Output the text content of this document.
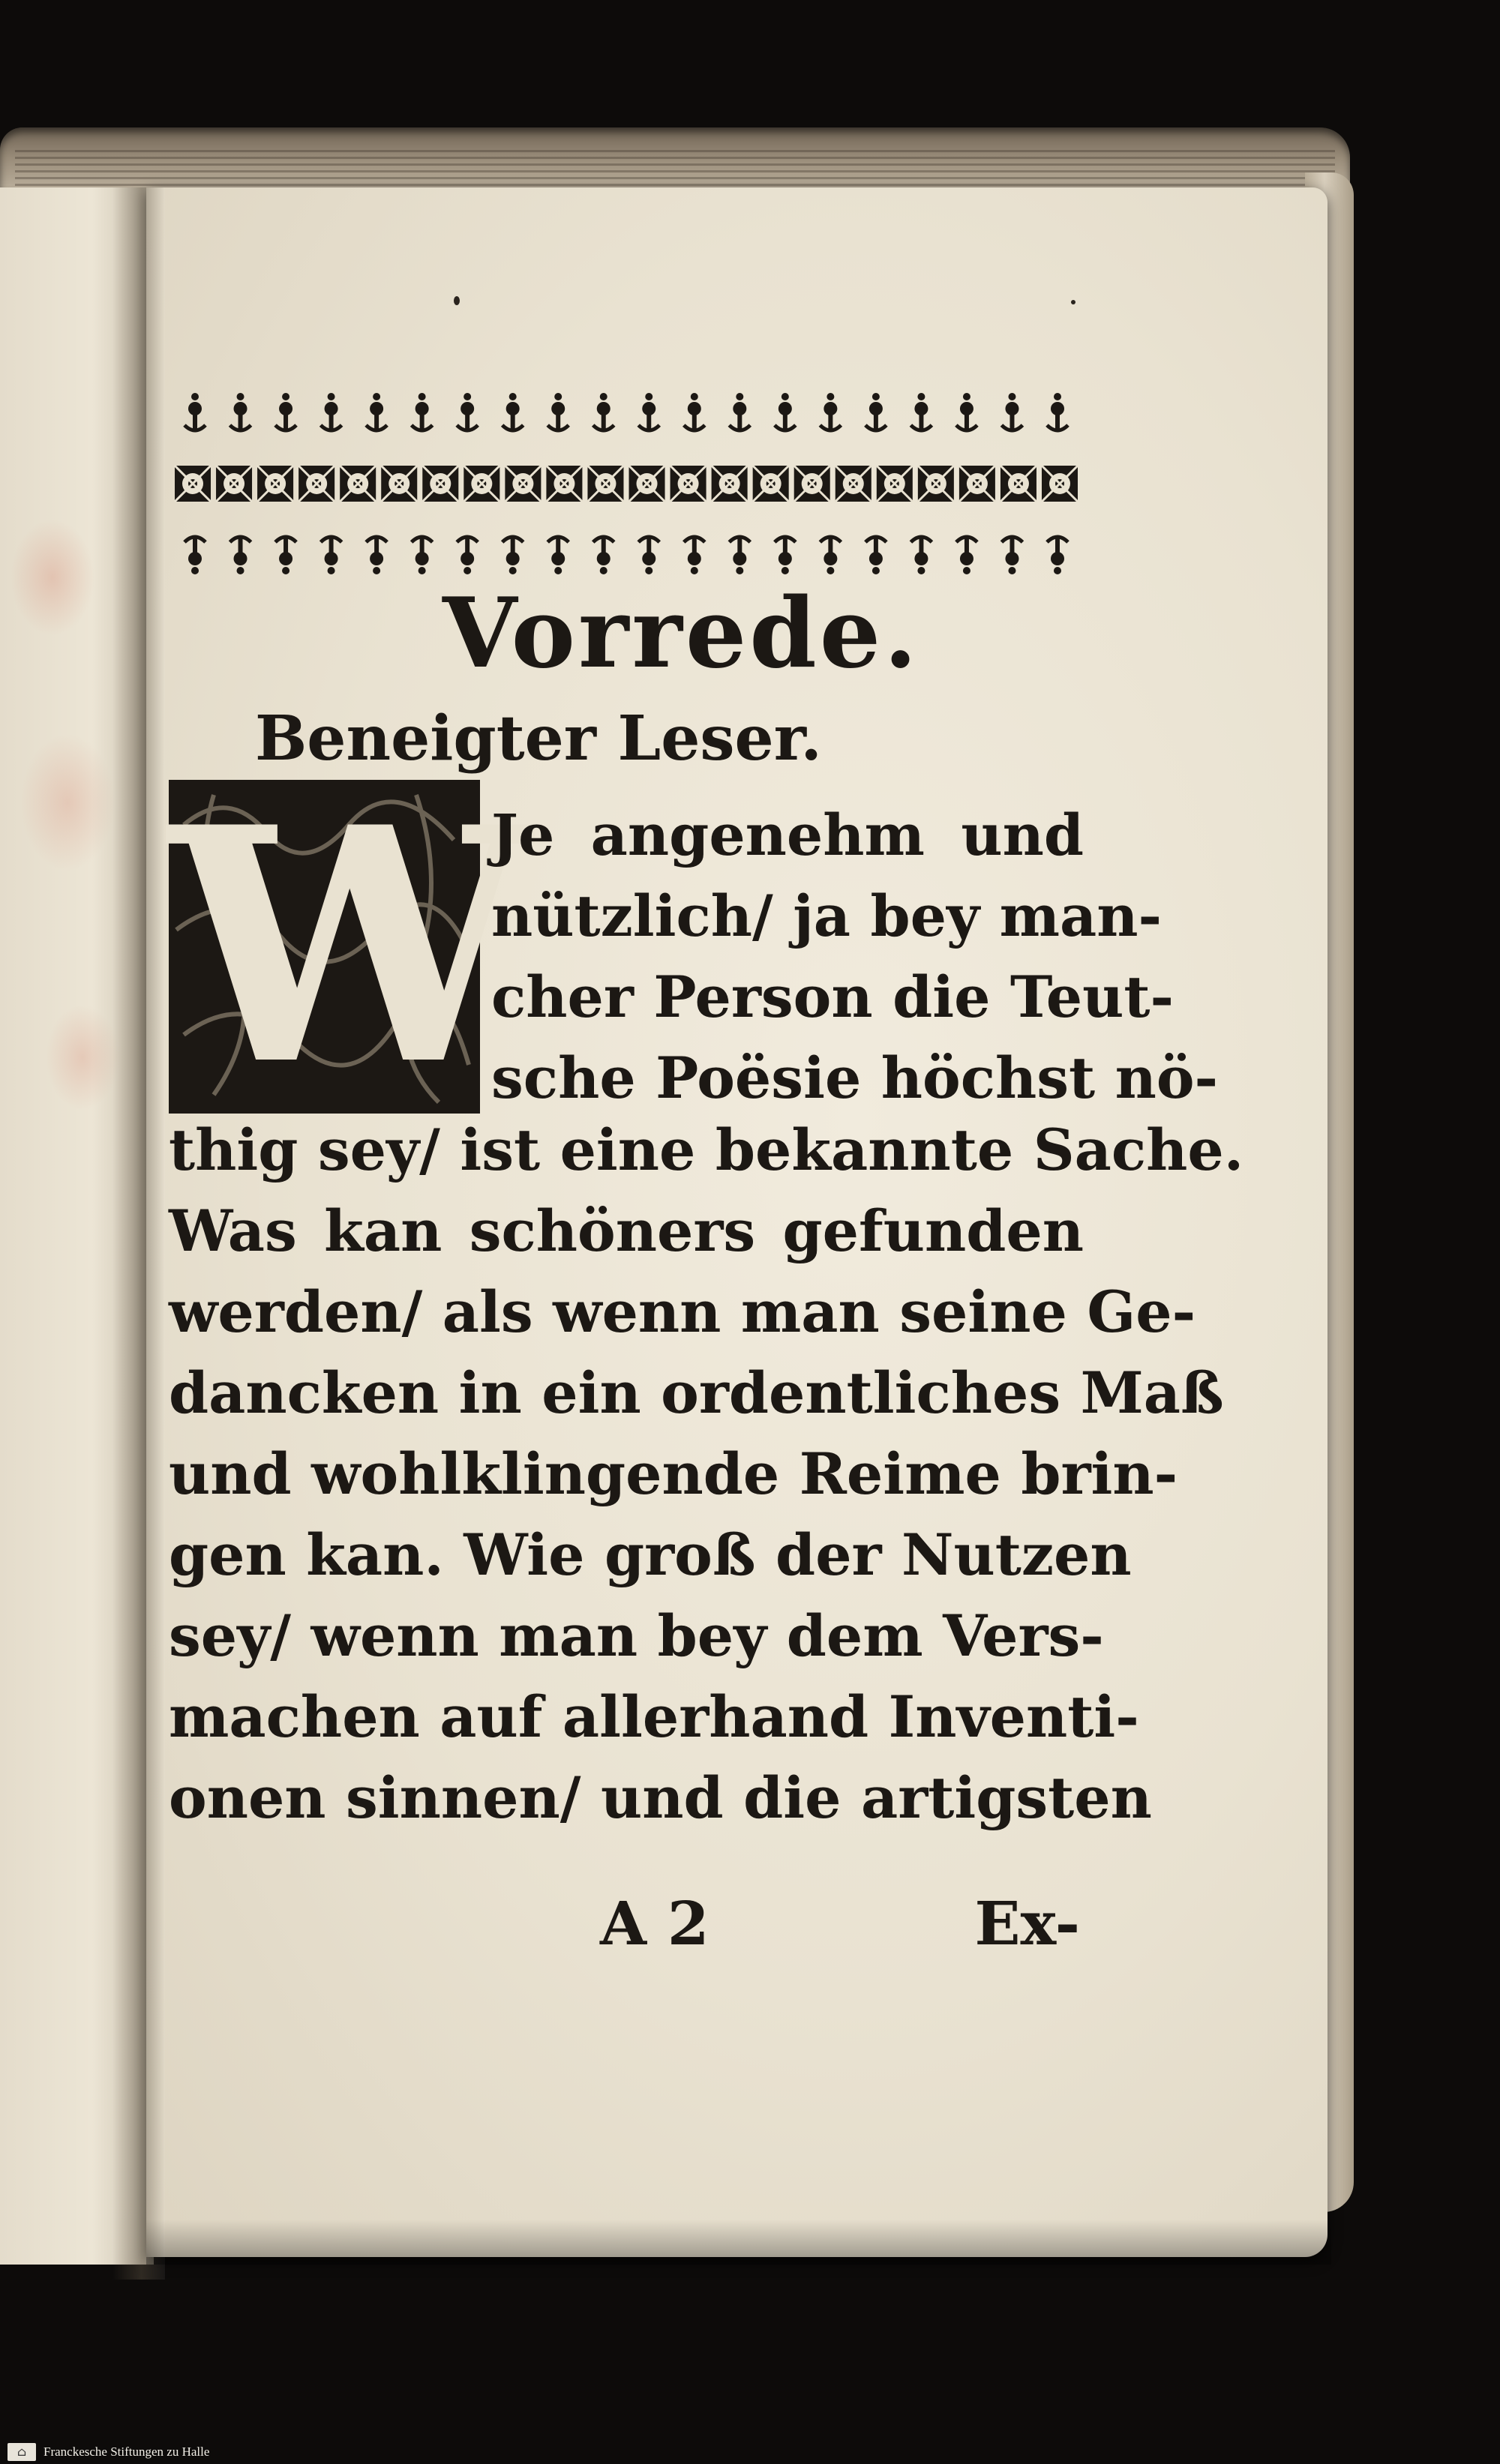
Vorrede.
Beneigter Leser.
W
Je angenehm und
nützlich/ ja bey man-
cher Person die Teut-
sche Poësie höchst nö-
thig sey/ ist eine bekannte Sache.
Was kan schöners gefunden
werden/ als wenn man seine Ge-
dancken in ein ordentliches Maß
und wohlklingende Reime brin-
gen kan. Wie groß der Nutzen
sey/ wenn man bey dem Vers-
machen auf allerhand Inventi-
onen sinnen/ und die artigsten
A 2	Ex-
⌂	Franckesche Stiftungen zu Halle
